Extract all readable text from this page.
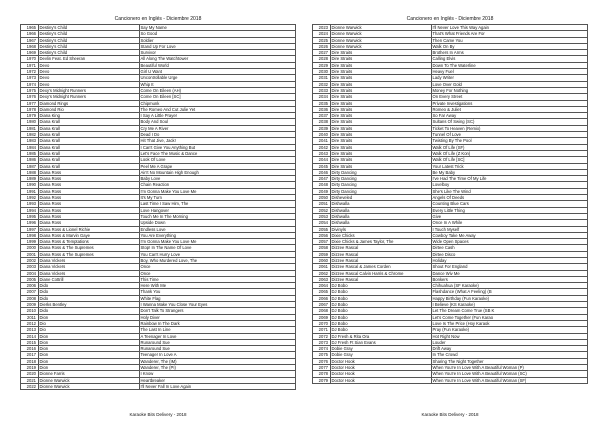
Cancionero en Inglés - Diciembre 2018
1965	Destiny's Child	Say My Name
1966	Destiny's Child	So Good
1967	Destiny's Child	Soldier
1968	Destiny's Child	Stand Up For Love
1969	Destiny's Child	Survivor
1970	Devlin Feat. Ed Sheeran	All Along The Watchtower
1971	Devo	Beautiful World
1972	Devo	Girl U Want
1973	Devo	Uncontrollable Urge
1974	Devo	Whip It
1975	Dexy's Midnight Runners	Come On Eileen (AH)
1976	Dexy's Midnight Runners	Come On Eileen [SC]
1977	Diamond Rings	Chipmunk
1978	Diamond Rio	The Romeo And Cut Julie Yet
1979	Diana King	I Say A Little Prayer
1980	Diana Krall	Body And Soul
1981	Diana Krall	Cry Me A River
1982	Diana Krall	Dead I Do
1983	Diana Krall	Hit That Jive, Jack!
1984	Diana Krall	I Can't Give You Anything But
1985	Diana Krall	Let's Face The Music & Dance
1986	Diana Krall	Look Of Love
1987	Diana Krall	Peel Me A Grape
1988	Diana Ross	Ain't No Mountain High Enough
1989	Diana Ross	Baby Love
1990	Diana Ross	Chain Reaction
1991	Diana Ross	I'm Gonna Make You Love Me
1992	Diana Ross	It's My Turn
1993	Diana Ross	Last Time I Saw Him, The
1994	Diana Ross	Love Hangover
1995	Diana Ross	Touch Me In The Morning
1996	Diana Ross	Upside Down
1997	Diana Ross & Lionel Richie	Endless Love
1998	Diana Ross & Marvin Gaye	You Are Everything
1999	Diana Ross & Temptations	I'm Gonna Make You Love Me
2000	Diana Ross & The Supremes	Stop! In The Name Of Love
2001	Diana Ross & The Supremes	You Can't Hurry Love
2002	Diana Vickers	Boy, Who Murdered Love, The
2003	Diana Vickers	Once
2004	Diana Vickers	Once
2005	Diane Cottrill	This Time
2006	Dido	Here With Me
2007	Dido	Thank You
2008	Dido	White Flag
2009	Dierks Bentley	I Wanna Make You Close Your Eyes
2010	Dido	Don't Talk To Strangers
2011	Dion	Holy Diver
2012	Dio	Rainbow In The Dark
2013	Dio	The Last In Line
2014	Dion	A Teenager In Love
2015	Dion	Runaround Sue
2016	Dion	Runaround Sue
2017	Dion	Teenager In Love A
2018	Dion	Wanderer, The (IM)
2019	Dion	Wanderer, The (PI)
2020	Dionne Farris	I Know
2021	Dionne Warwick	Heartbreaker
2022	Dionne Warwick	I'll Never Fall In Love Again
Cancionero en Inglés - Diciembre 2018
2023	Dionne Warwick	I'll Never Love This Way Again
2024	Dionne Warwick	That's What Friends Are For
2025	Dionne Warwick	Then Came You
2026	Dionne Warwick	Walk On By
2027	Dire Straits	Brothers In Arms
2028	Dire Straits	Calling Elvis
2029	Dire Straits	Down To The Waterline
2030	Dire Straits	Heavy Fuel
2031	Dire Straits	Lady Writer
2032	Dire Straits	Love Over Gold
2033	Dire Straits	Money For Nothing
2034	Dire Straits	On Every Street
2035	Dire Straits	Private Investigations
2036	Dire Straits	Romeo & Juliet
2037	Dire Straits	So Far Away
2038	Dire Straits	Sultans Of Swing (SC)
2039	Dire Straits	Ticket To Heaven (Remix)
2040	Dire Straits	Tunnel Of Love
2041	Dire Straits	Twisting By The Pool
2042	Dire Straits	Walk Of Life (SF)
2043	Dire Straits	Walk Of Life (Z Kon)
2044	Dire Straits	Walk Of Life [SC]
2045	Dire Straits	Your Latest Trick
2046	Dirty Dancing	Be My Baby
2047	Dirty Dancing	I've Had The Time Of My Life
2048	Dirty Dancing	Lovelboy
2049	Dirty Dancing	She's Like The Wind
2050	Disheveled	Angels Of Deeds
2051	Dishwalla	Counting Blue Cars
2052	Dishwalla	Every Little Thing
2053	Dishwalla	Give
2054	Dishwalla	Once In A While
2055	Divinyls	I Touch Myself
2056	Dixie Chicks	Cowboy Take Me Away
2057	Dixie Chicks & James Taylor, The	Wide Open Spaces
2058	Dizzee Rascal	Dirtee Cash
2059	Dizzee Rascal	Dirtee Disco
2060	Dizzee Rascal	Holiday
2061	Dizzee Rascal & James Corden	Shout For England
2062	Dizzee Rascal Calvin Harris & Chrome	Dance Wiv Me
2063	Dizzee Rascal	Bonkers
2064	DJ Bobo	Chihuahua (SF Karaoke)
2065	DJ Bobo	Flashdance (What A Feeling) (B
2066	DJ Bobo	Happy Birthday (Fun Karaoke)
2067	DJ Bobo	I Believe (KS Karaoke)
2068	DJ Bobo	Let The Dream Come True (SB K
2069	DJ Bobo	Let's Come Together (Fun Karao
2070	DJ Bobo	Love Is The Price (Hoy Karaok
2071	DJ Bobo	Pray (Fun Karaoke)
2072	DJ Fresh & Rita Ora	Hot Right Now
2073	DJ Fresh Ft Sian Evans	Louder
2074	Dobie Gray	Drift Away
2075	Dobie Gray	In The Crowd
2076	Doctor Hook	Sharing The Night Together
2077	Doctor Hook	When You're In Love With A Beautiful Woman (P)
2078	Doctor Hook	When You're In Love With A Beautiful Woman (SC)
2079	Doctor Hook	When You're In Love With A Beautiful Woman (SF)
Karaoke Bits Delivery - 2018	Karaoke Bits Delivery - 2018
